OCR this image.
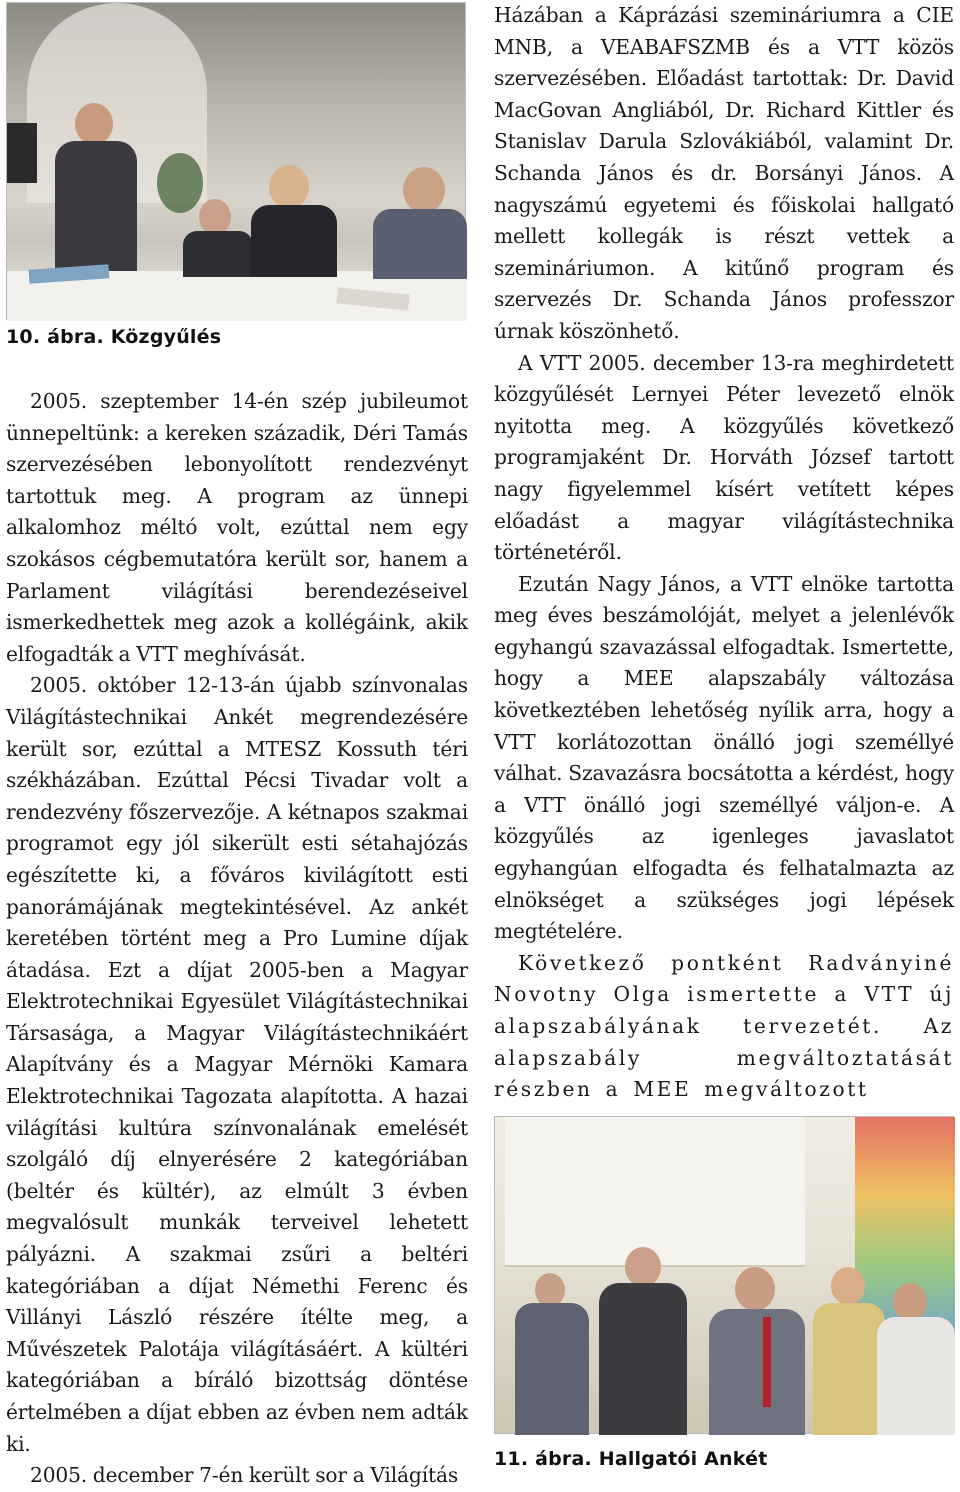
10. ábra. Közgyűlés

2005. szeptember 14-én szép jubileumot ünnepeltünk: a kereken századik, Déri Tamás szervezésében lebonyolított rendezvényt tartottuk meg. A program az ünnepi alkalomhoz méltó volt, ezúttal nem egy szokásos cégbemutatóra került sor, hanem a Parlament világítási berendezéseivel ismerkedhettek meg azok a kollégáink, akik elfogadták a VTT meghívását.

2005. október 12-13-án újabb színvonalas Világítástechnikai Ankét megrendezésére került sor, ezúttal a MTESZ Kossuth téri székházában. Ezúttal Pécsi Tivadar volt a rendezvény főszervezője. A kétnapos szakmai programot egy jól sikerült esti sétahajózás egészítette ki, a főváros kivilágított esti panorámájának megtekintésével. Az ankét keretében történt meg a Pro Lumine díjak átadása. Ezt a díjat 2005-ben a Magyar Elektrotechnikai Egyesület Világítástechnikai Társasága, a Magyar Világítástechnikáért Alapítvány és a Magyar Mérnöki Kamara Elektrotechnikai Tagozata alapította. A hazai világítási kultúra színvonalának emelését szolgáló díj elnyerésére 2 kategóriában (beltér és kültér), az elmúlt 3 évben megvalósult munkák terveivel lehetett pályázni. A szakmai zsűri a beltéri kategóriában a díjat Némethi Ferenc és Villányi László részére ítélte meg, a Művészetek Palotája világításáért. A kültéri kategóriában a bíráló bizottság döntése értelmében a díjat ebben az évben nem adták ki.

2005. december 7-én került sor a Világítás

Házában a Káprázási szemináriumra a CIE MNB, a VEABAFSZMB és a VTT közös szervezésében. Előadást tartottak: Dr. David MacGovan Angliából, Dr. Richard Kittler és Stanislav Darula Szlovákiából, valamint Dr. Schanda János és dr. Borsányi János. A nagyszámú egyetemi és főiskolai hallgató mellett kollegák is részt vettek a szemináriumon. A kitűnő program és szervezés Dr. Schanda János professzor úrnak köszönhető.

A VTT 2005. december 13-ra meghirdetett közgyűlését Lernyei Péter levezető elnök nyitotta meg. A közgyűlés következő programjaként Dr. Horváth József tartott nagy figyelemmel kísért vetített képes előadást a magyar világítástechnika történetéről.

Ezután Nagy János, a VTT elnöke tartotta meg éves beszámolóját, melyet a jelenlévők egyhangú szavazással elfogadtak. Ismertette, hogy a MEE alapszabály változása következtében lehetőség nyílik arra, hogy a VTT korlátozottan önálló jogi személlyé válhat. Szavazásra bocsátotta a kérdést, hogy a VTT önálló jogi személlyé váljon-e. A közgyűlés az igenleges javaslatot egyhangúan elfogadta és felhatalmazta az elnökséget a szükséges jogi lépések megtételére.

Következő pontként Radványiné Novotny Olga ismertette a VTT új alapszabályának tervezetét. Az alapszabály megváltoztatását részben a MEE megváltozott

11. ábra. Hallgatói Ankét
